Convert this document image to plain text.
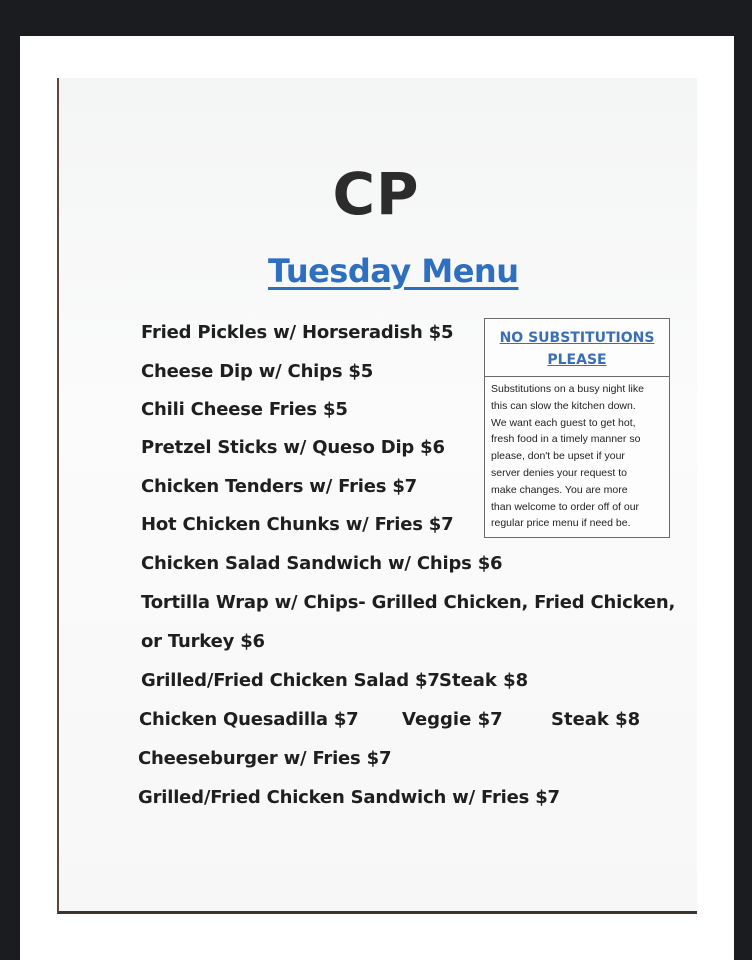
CP
Tuesday Menu
Fried Pickles w/ Horseradish $5
Cheese Dip w/ Chips $5
Chili Cheese Fries $5
Pretzel Sticks w/ Queso Dip $6
Chicken Tenders w/ Fries $7
Hot Chicken Chunks w/ Fries $7
Chicken Salad Sandwich w/ Chips $6
Tortilla Wrap w/ Chips- Grilled Chicken, Fried Chicken,
or Turkey $6
Grilled/Fried Chicken Salad $7 Steak $8
Chicken Quesadilla $7 Veggie $7	Steak $8
Cheeseburger w/ Fries $7
Grilled/Fried Chicken Sandwich w/ Fries $7
NO SUBSTITUTIONS
PLEASE
Substitutions on a busy night like
this can slow the kitchen down.
We want each guest to get hot,
fresh food in a timely manner so
please, don't be upset if your
server denies your request to
make changes. You are more
than welcome to order off of our
regular price menu if need be.
